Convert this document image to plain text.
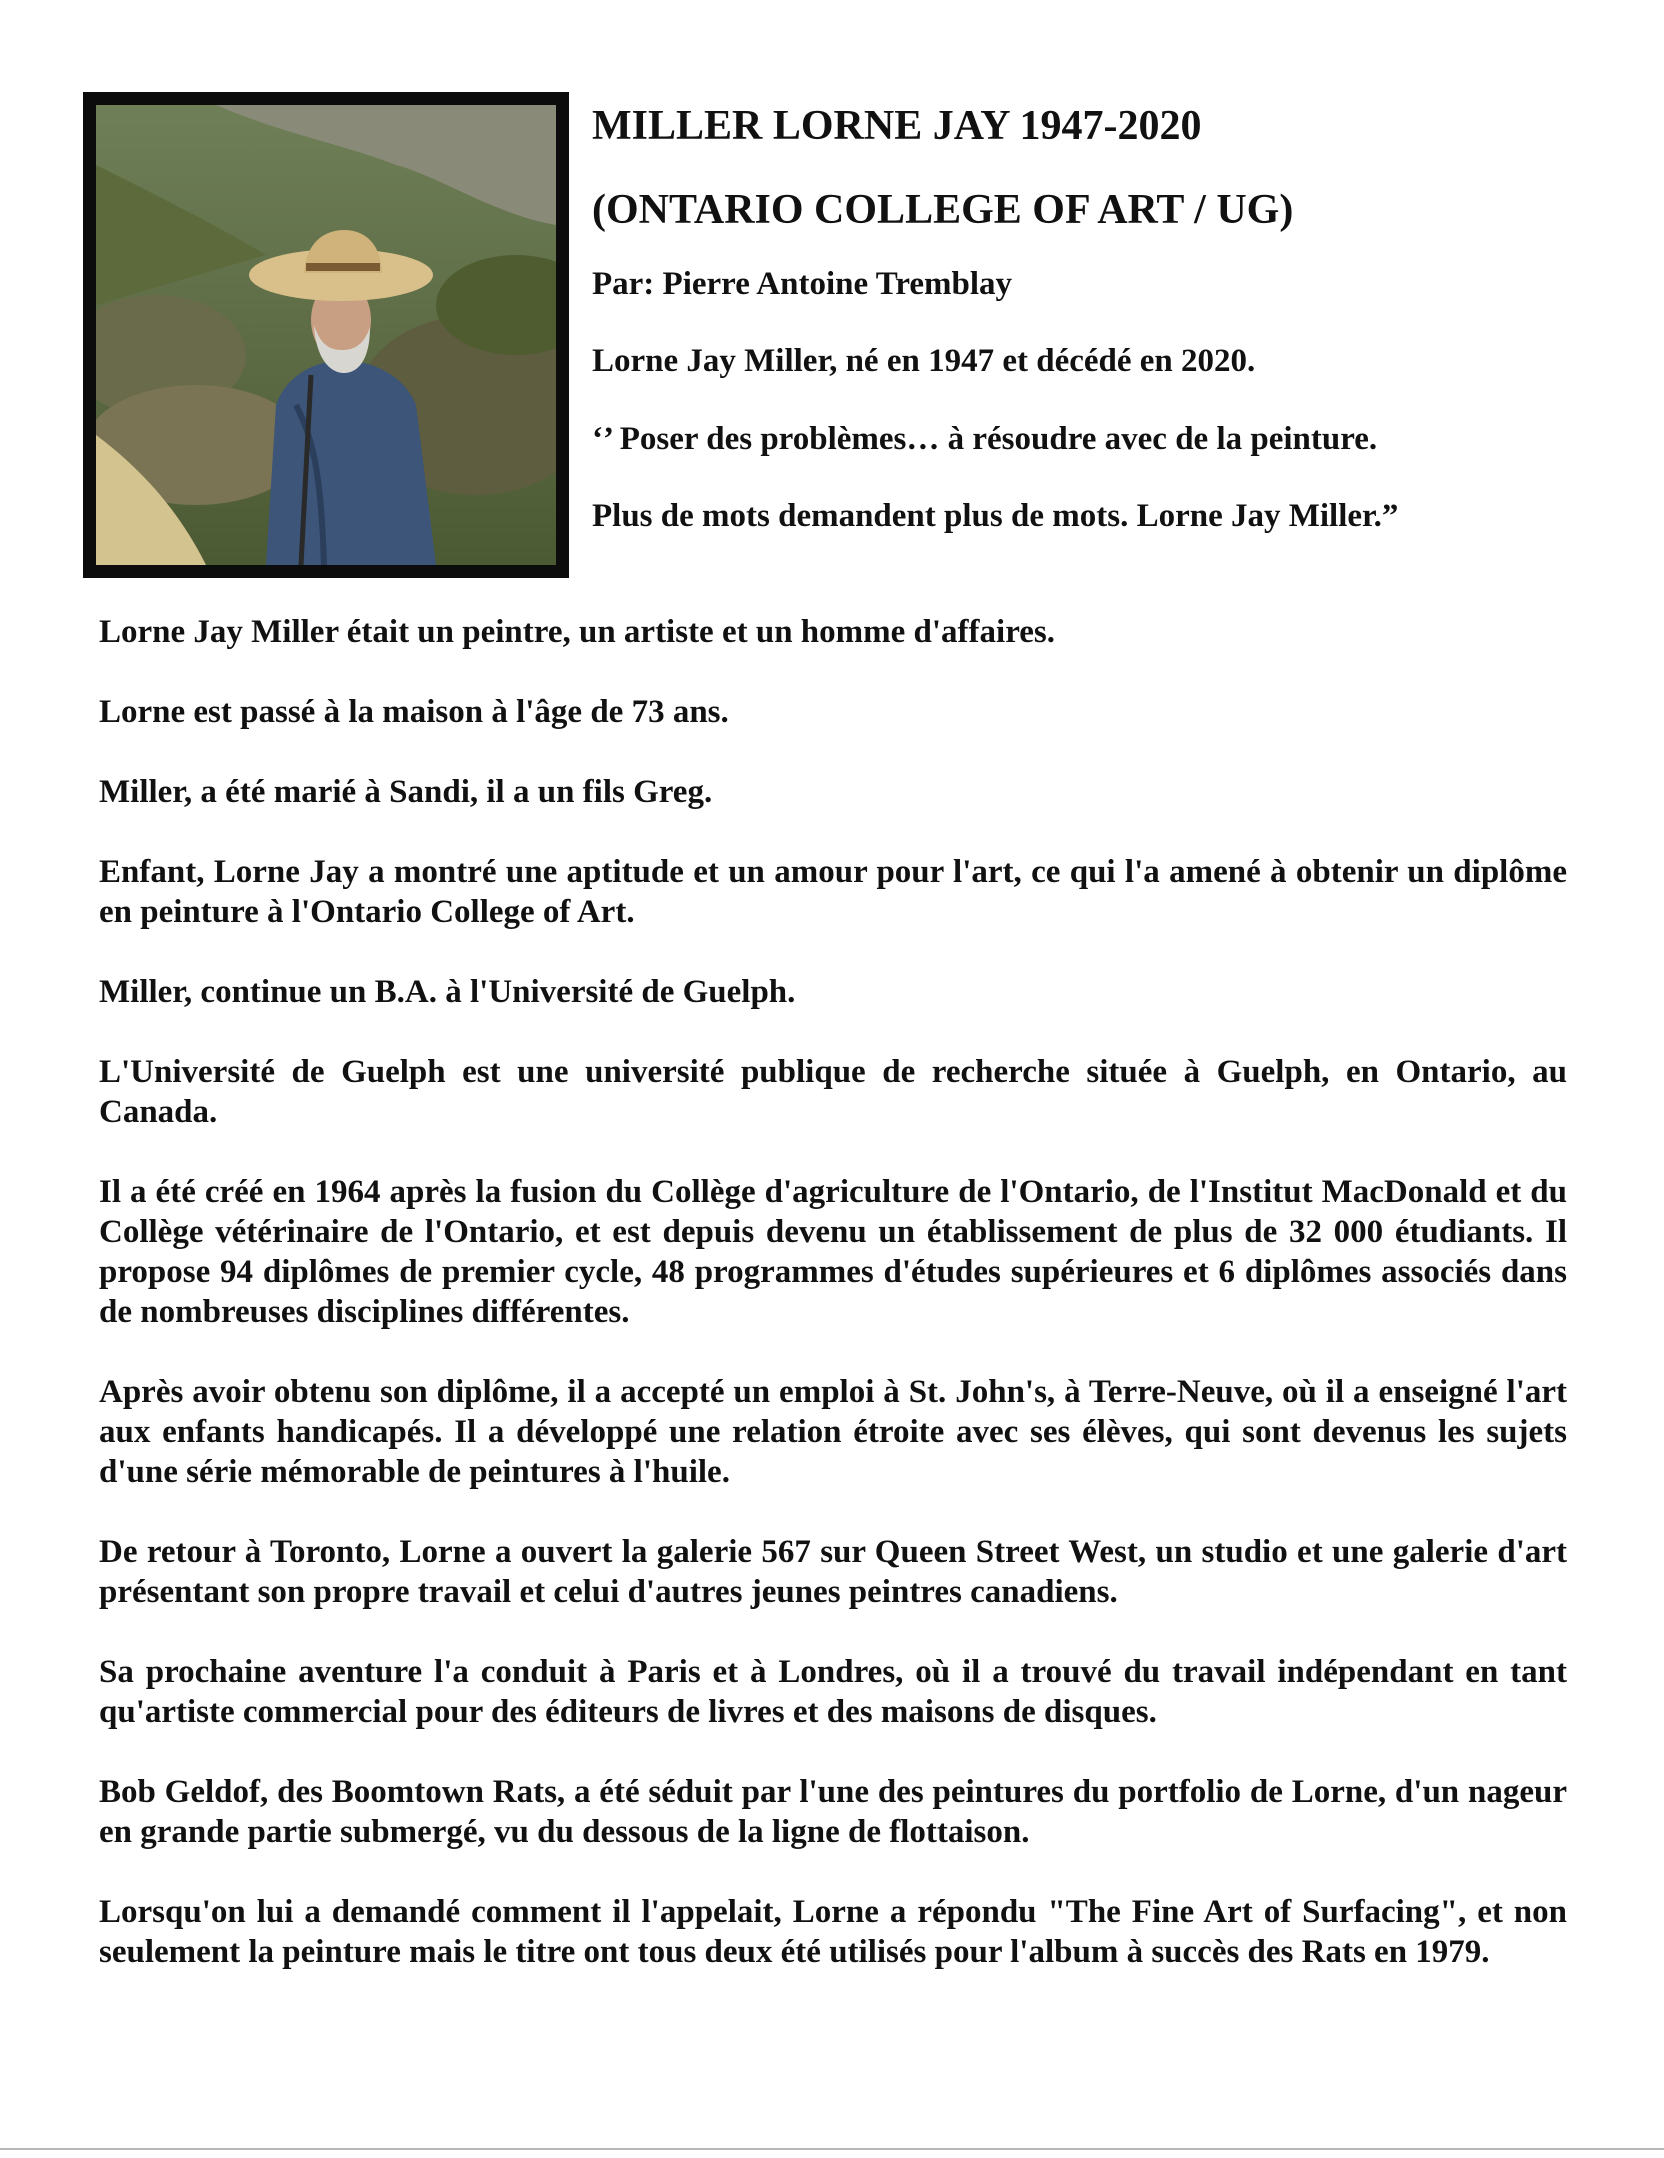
MILLER LORNE JAY 1947-2020
(ONTARIO COLLEGE OF ART / UG)
Par: Pierre Antoine Tremblay
Lorne Jay Miller, né en 1947 et décédé en 2020.
‘’ Poser des problèmes… à résoudre avec de la peinture.
Plus de mots demandent plus de mots. Lorne Jay Miller.”

Lorne Jay Miller était un peintre, un artiste et un homme d'affaires.

Lorne est passé à la maison à l'âge de 73 ans.

Miller, a été marié à Sandi, il a un fils Greg.

Enfant, Lorne Jay a montré une aptitude et un amour pour l'art, ce qui l'a amené à obtenir un diplôme en peinture à l'Ontario College of Art.

Miller, continue un B.A. à l'Université de Guelph.

L'Université de Guelph est une université publique de recherche située à Guelph, en Ontario, au Canada.

Il a été créé en 1964 après la fusion du Collège d'agriculture de l'Ontario, de l'Institut MacDonald et du Collège vétérinaire de l'Ontario, et est depuis devenu un établissement de plus de 32 000 étudiants. Il propose 94 diplômes de premier cycle, 48 programmes d'études supérieures et 6 diplômes associés dans de nombreuses disciplines différentes.

Après avoir obtenu son diplôme, il a accepté un emploi à St. John's, à Terre-Neuve, où il a enseigné l'art aux enfants handicapés. Il a développé une relation étroite avec ses élèves, qui sont devenus les sujets d'une série mémorable de peintures à l'huile.

De retour à Toronto, Lorne a ouvert la galerie 567 sur Queen Street West, un studio et une galerie d'art présentant son propre travail et celui d'autres jeunes peintres canadiens.

Sa prochaine aventure l'a conduit à Paris et à Londres, où il a trouvé du travail indépendant en tant qu'artiste commercial pour des éditeurs de livres et des maisons de disques.

Bob Geldof, des Boomtown Rats, a été séduit par l'une des peintures du portfolio de Lorne, d'un nageur en grande partie submergé, vu du dessous de la ligne de flottaison.

Lorsqu'on lui a demandé comment il l'appelait, Lorne a répondu "The Fine Art of Surfacing", et non seulement la peinture mais le titre ont tous deux été utilisés pour l'album à succès des Rats en 1979.
